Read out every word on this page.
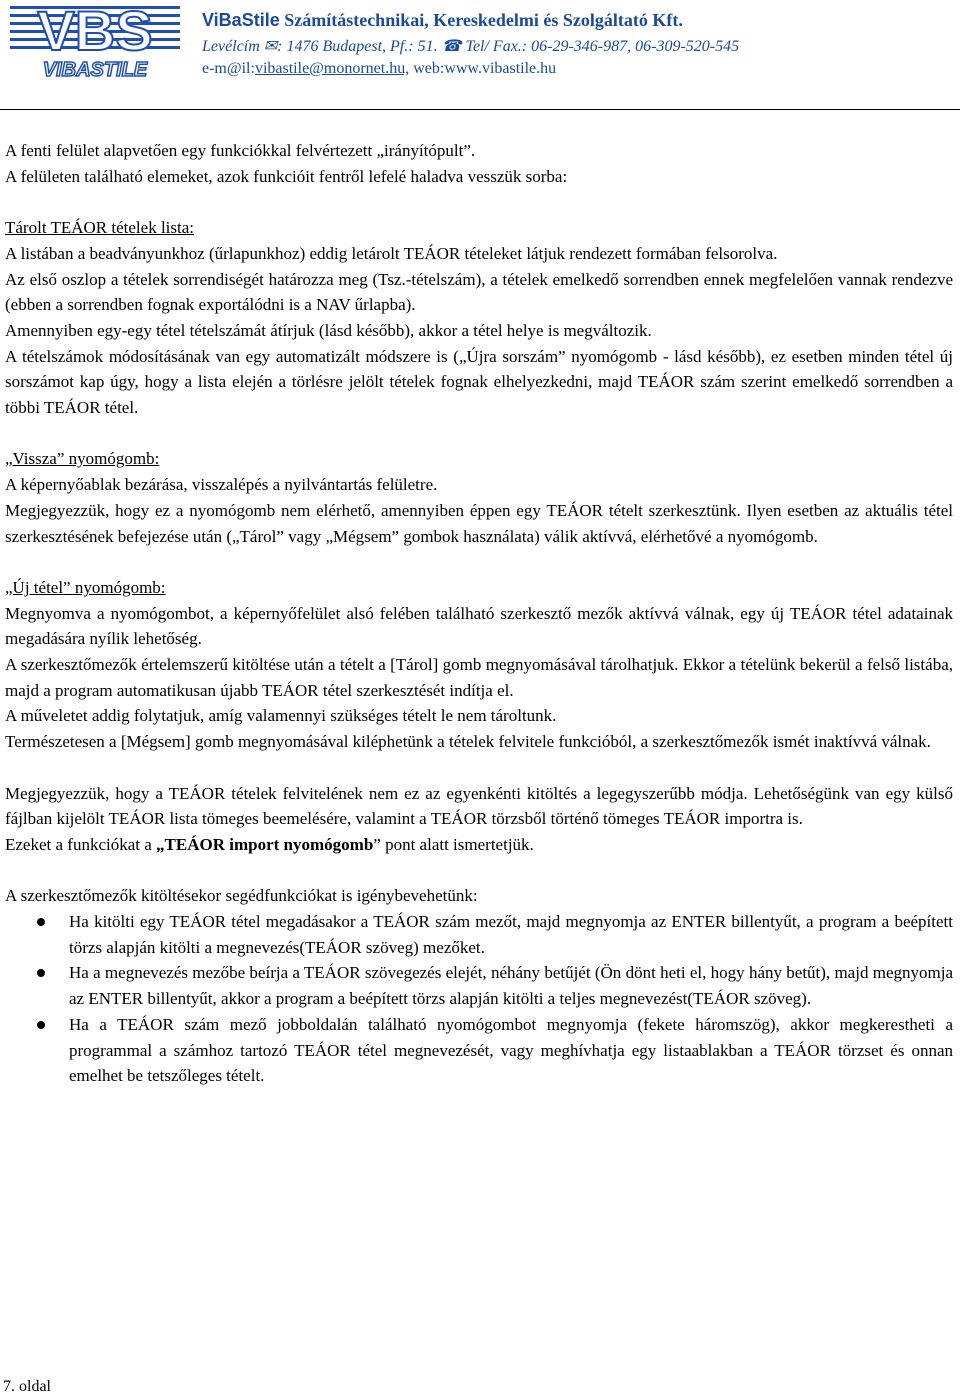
VBS
VIBASTILE
ViBaStile Számítástechnikai, Kereskedelmi és Szolgáltató Kft.
Levélcím ✉: 1476 Budapest, Pf.: 51. ☎ Tel/ Fax.: 06-29-346-987, 06-309-520-545
e-m@il:vibastile@monornet.hu, web:www.vibastile.hu

A fenti felület alapvetően egy funkciókkal felvértezett „irányítópult”.

A felületen található elemeket, azok funkcióit fentről lefelé haladva vesszük sorba:

Tárolt TEÁOR tételek lista:

A listában a beadványunkhoz (űrlapunkhoz) eddig letárolt TEÁOR tételeket látjuk rendezett formában felsorolva.

Az első oszlop a tételek sorrendiségét határozza meg (Tsz.-tételszám), a tételek emelkedő sorrendben ennek megfelelően vannak rendezve (ebben a sorrendben fognak exportálódni is a NAV űrlapba).

Amennyiben egy-egy tétel tételszámát átírjuk (lásd később), akkor a tétel helye is megváltozik.

A tételszámok módosításának van egy automatizált módszere is („Újra sorszám” nyomógomb - lásd később), ez esetben minden tétel új sorszámot kap úgy, hogy a lista elején a törlésre jelölt tételek fognak elhelyezkedni, majd TEÁOR szám szerint emelkedő sorrendben a többi TEÁOR tétel.

„Vissza” nyomógomb:

A képernyőablak bezárása, visszalépés a nyilvántartás felületre.

Megjegyezzük, hogy ez a nyomógomb nem elérhető, amennyiben éppen egy TEÁOR tételt szerkesztünk. Ilyen esetben az aktuális tétel szerkesztésének befejezése után („Tárol” vagy „Mégsem” gombok használata) válik aktívvá, elérhetővé a nyomógomb.

„Új tétel” nyomógomb:

Megnyomva a nyomógombot, a képernyőfelület alsó felében található szerkesztő mezők aktívvá válnak, egy új TEÁOR tétel adatainak megadására nyílik lehetőség.

A szerkesztőmezők értelemszerű kitöltése után a tételt a [Tárol] gomb megnyomásával tárolhatjuk. Ekkor a tételünk bekerül a felső listába, majd a program automatikusan újabb TEÁOR tétel szerkesztését indítja el.

A műveletet addig folytatjuk, amíg valamennyi szükséges tételt le nem tároltunk.

Természetesen a [Mégsem] gomb megnyomásával kiléphetünk a tételek felvitele funkcióból, a szerkesztőmezők ismét inaktívvá válnak.

Megjegyezzük, hogy a TEÁOR tételek felvitelének nem ez az egyenkénti kitöltés a legegyszerűbb módja. Lehetőségünk van egy külső fájlban kijelölt TEÁOR lista tömeges beemelésére, valamint a TEÁOR törzsből történő tömeges TEÁOR importra is.

Ezeket a funkciókat a „TEÁOR import nyomógomb” pont alatt ismertetjük.

A szerkesztőmezők kitöltésekor segédfunkciókat is igénybevehetünk:

Ha kitölti egy TEÁOR tétel megadásakor a TEÁOR szám mezőt, majd megnyomja az ENTER billentyűt, a program a beépített törzs alapján kitölti a megnevezés(TEÁOR szöveg) mezőket.
Ha a megnevezés mezőbe beírja a TEÁOR szövegezés elejét, néhány betűjét (Ön dönt heti el, hogy hány betűt), majd megnyomja az ENTER billentyűt, akkor a program a beépített törzs alapján kitölti a teljes megnevezést(TEÁOR szöveg).
Ha a TEÁOR szám mező jobboldalán található nyomógombot megnyomja (fekete háromszög), akkor megkerestheti a programmal a számhoz tartozó TEÁOR tétel megnevezését, vagy meghívhatja egy listaablakban a TEÁOR törzset és onnan emelhet be tetszőleges tételt.
7. oldal
